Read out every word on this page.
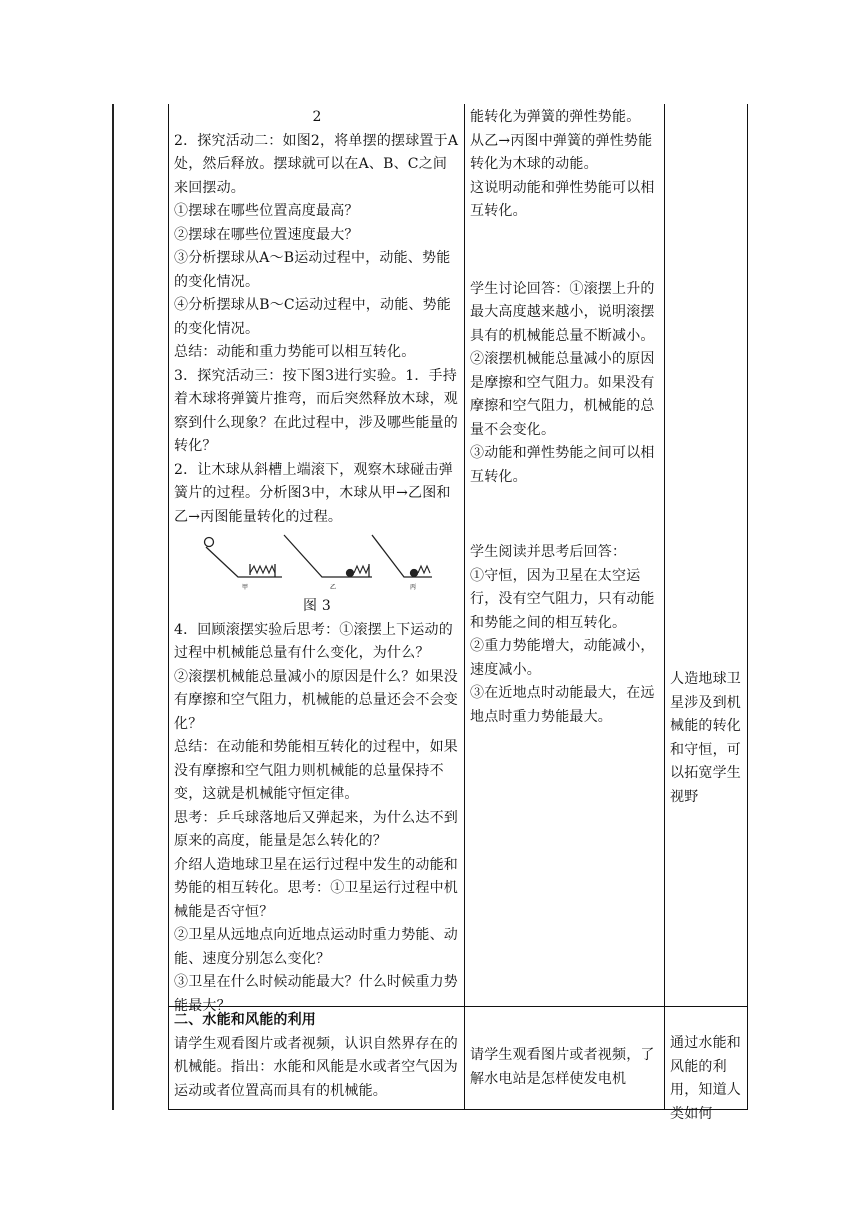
2

2．探究活动二：如图2，将单摆的摆球置于A处，然后释放。摆球就可以在A、B、C之间来回摆动。

①摆球在哪些位置高度最高？

②摆球在哪些位置速度最大？

③分析摆球从A～B运动过程中，动能、势能的变化情况。

④分析摆球从B～C运动过程中，动能、势能的变化情况。

总结：动能和重力势能可以相互转化。

3．探究活动三：按下图3进行实验。1．手持着木球将弹簧片推弯，而后突然释放木球，观察到什么现象？在此过程中，涉及哪些能量的转化？

2．让木球从斜槽上端滚下，观察木球碰击弹簧片的过程。分析图3中，木球从甲→乙图和乙→丙图能量转化的过程。

甲	乙	丙

图 3

4．回顾滚摆实验后思考：①滚摆上下运动的过程中机械能总量有什么变化，为什么？

②滚摆机械能总量减小的原因是什么？如果没有摩擦和空气阻力，机械能的总量还会不会变化？

总结：在动能和势能相互转化的过程中，如果没有摩擦和空气阻力则机械能的总量保持不变，这就是机械能守恒定律。

思考：乒乓球落地后又弹起来，为什么达不到原来的高度，能量是怎么转化的？

介绍人造地球卫星在运行过程中发生的动能和势能的相互转化。思考：①卫星运行过程中机械能是否守恒？

②卫星从远地点向近地点运动时重力势能、动能、速度分别怎么变化？

③卫星在什么时候动能最大？什么时候重力势能最大？

能转化为弹簧的弹性势能。

从乙→丙图中弹簧的弹性势能转化为木球的动能。

这说明动能和弹性势能可以相互转化。

学生讨论回答：①滚摆上升的最大高度越来越小，说明滚摆具有的机械能总量不断减小。

②滚摆机械能总量减小的原因是摩擦和空气阻力。如果没有摩擦和空气阻力，机械能的总量不会变化。

③动能和弹性势能之间可以相互转化。

学生阅读并思考后回答：

①守恒，因为卫星在太空运行，没有空气阻力，只有动能和势能之间的相互转化。

②重力势能增大，动能减小，速度减小。

③在近地点时动能最大，在远地点时重力势能最大。

人造地球卫星涉及到机械能的转化和守恒，可以拓宽学生视野

二、水能和风能的利用

请学生观看图片或者视频，认识自然界存在的机械能。指出：水能和风能是水或者空气因为运动或者位置高而具有的机械能。

请学生观看图片或者视频，了解水电站是怎样使发电机

通过水能和风能的利用，知道人类如何
